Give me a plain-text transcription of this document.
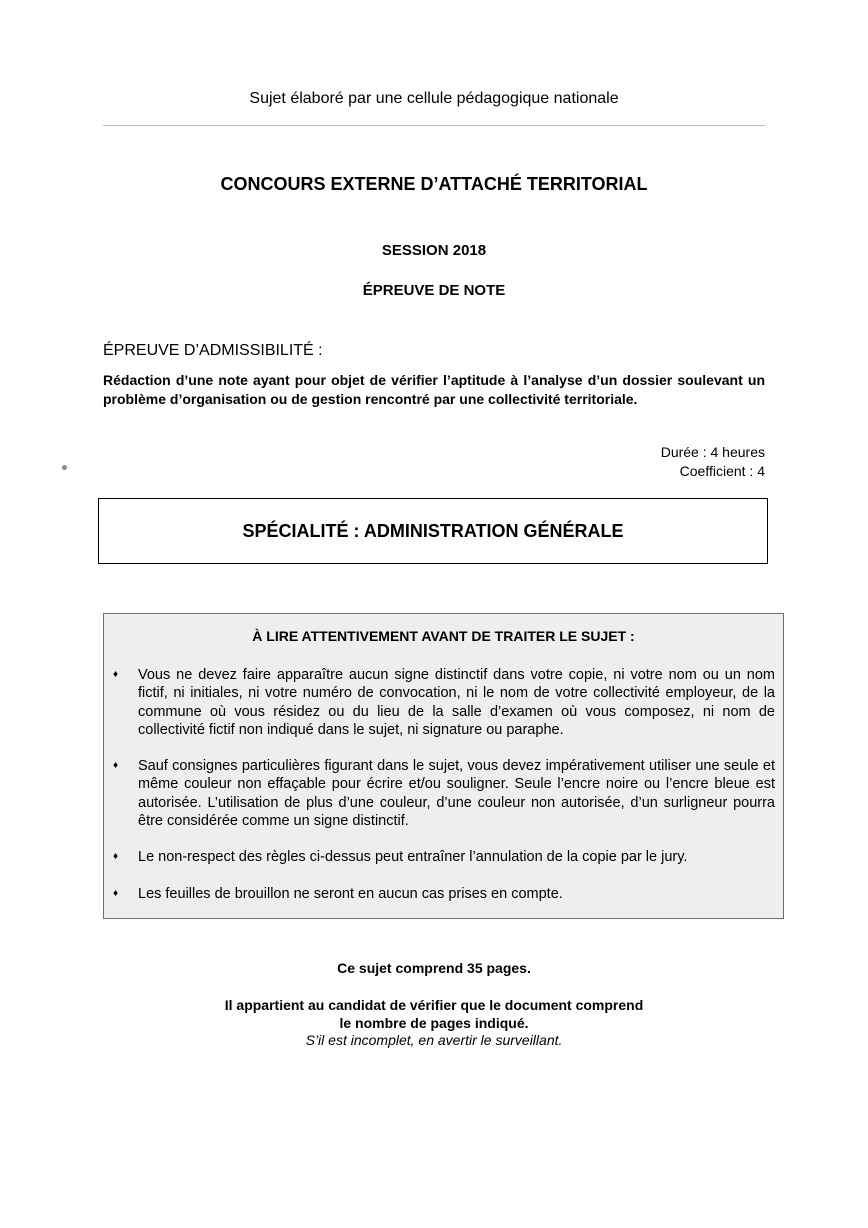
Sujet élaboré par une cellule pédagogique nationale
CONCOURS EXTERNE D’ATTACHÉ TERRITORIAL
SESSION 2018
ÉPREUVE DE NOTE
ÉPREUVE D’ADMISSIBILITÉ :
Rédaction d’une note ayant pour objet de vérifier l’aptitude à l’analyse d’un dossier soulevant un problème d’organisation ou de gestion rencontré par une collectivité territoriale.
Durée : 4 heures
Coefficient : 4
SPÉCIALITÉ : ADMINISTRATION GÉNÉRALE
À LIRE ATTENTIVEMENT AVANT DE TRAITER LE SUJET :
♦ Vous ne devez faire apparaître aucun signe distinctif dans votre copie, ni votre nom ou un nom fictif, ni initiales, ni votre numéro de convocation, ni le nom de votre collectivité employeur, de la commune où vous résidez ou du lieu de la salle d’examen où vous composez, ni nom de collectivité fictif non indiqué dans le sujet, ni signature ou paraphe.
♦ Sauf consignes particulières figurant dans le sujet, vous devez impérativement utiliser une seule et même couleur non effaçable pour écrire et/ou souligner. Seule l’encre noire ou l’encre bleue est autorisée. L’utilisation de plus d’une couleur, d’une couleur non autorisée, d’un surligneur pourra être considérée comme un signe distinctif.
♦ Le non-respect des règles ci-dessus peut entraîner l’annulation de la copie par le jury.
♦ Les feuilles de brouillon ne seront en aucun cas prises en compte.
Ce sujet comprend 35 pages.
Il appartient au candidat de vérifier que le document comprend
le nombre de pages indiqué.
S’il est incomplet, en avertir le surveillant.
